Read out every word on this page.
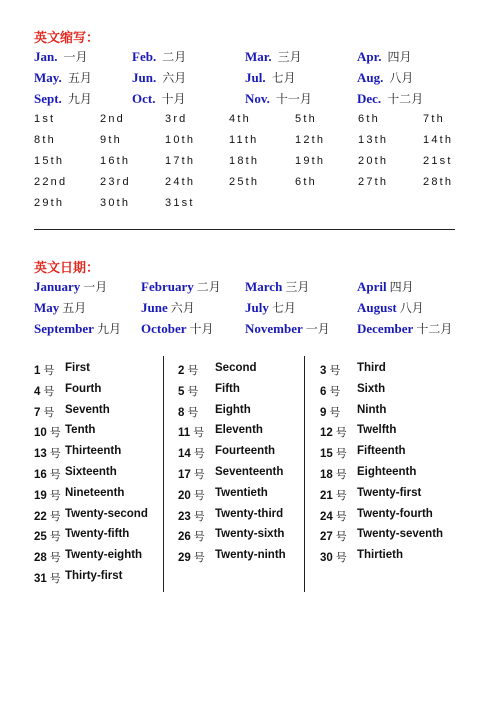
英文缩写：
Jan. 一月	Feb. 二月	Mar. 三月	Apr. 四月
May. 五月	Jun. 六月	Jul. 七月	Aug. 八月
Sept. 九月	Oct. 十月	Nov. 十一月	Dec. 十二月
1st	2nd	3rd	4th	5th	6th	7th
8th	9th	10th	11th	12th	13th	14th
15th	16th	17th	18th	19th	20th	21st
22nd	23rd	24th	25th	6th	27th	28th
29th	30th	31st
英文日期：
January 一月	February 二月 March 三月	April 四月
May 五月	June 六月	July 七月	August 八月
September 九月 October 十月 November 一月 December 十二月
1 号 First	2 号 Second	3 号 Third
4 号 Fourth	5 号 Fifth	6 号 Sixth
7 号 Seventh	8 号 Eighth	9 号 Ninth
10 号 Tenth	11 号 Eleventh	12 号 Twelfth
13 号 Thirteenth	14 号 Fourteenth	15 号 Fifteenth
16 号 Sixteenth	17 号 Seventeenth	18 号 Eighteenth
19 号 Nineteenth	20 号 Twentieth	21 号 Twenty-first
22 号 Twenty-second	23 号 Twenty-third	24 号 Twenty-fourth
25 号 Twenty-fifth	26 号 Twenty-sixth	27 号 Twenty-seventh
28 号 Twenty-eighth	29 号 Twenty-ninth	30 号 Thirtieth
31 号 Thirty-first
